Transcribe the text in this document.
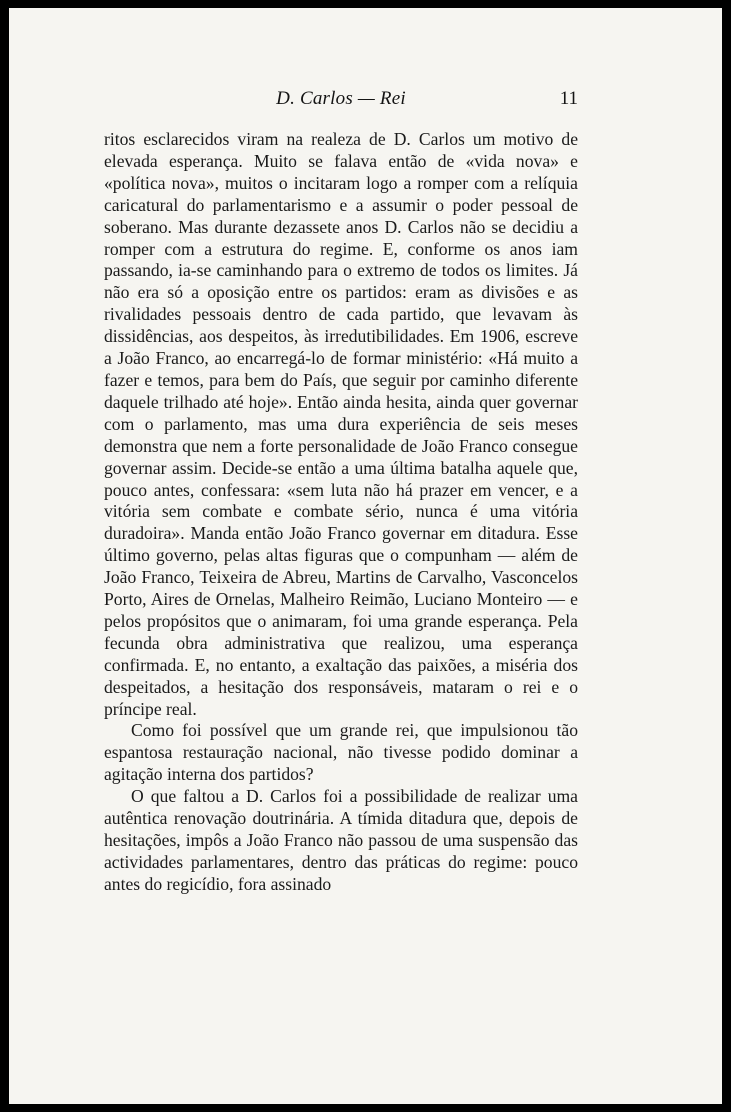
D. Carlos — Rei	11

ritos esclarecidos viram na realeza de D. Carlos um motivo de elevada esperança. Muito se falava então de «vida nova» e «política nova», muitos o incitaram logo a romper com a relíquia caricatural do parlamentarismo e a assumir o poder pessoal de soberano. Mas durante dezassete anos D. Carlos não se decidiu a romper com a estrutura do regime. E, conforme os anos iam passando, ia-se caminhando para o extremo de todos os limites. Já não era só a oposição entre os partidos: eram as divisões e as rivalidades pessoais dentro de cada partido, que levavam às dissidências, aos despeitos, às irredutibilidades. Em 1906, escreve a João Franco, ao encarregá-lo de formar ministério: «Há muito a fazer e temos, para bem do País, que seguir por caminho diferente daquele trilhado até hoje». Então ainda hesita, ainda quer governar com o parlamento, mas uma dura experiência de seis meses demonstra que nem a forte personalidade de João Franco consegue governar assim. Decide-se então a uma última batalha aquele que, pouco antes, confessara: «sem luta não há prazer em vencer, e a vitória sem combate e combate sério, nunca é uma vitória duradoira». Manda então João Franco governar em ditadura. Esse último governo, pelas altas figuras que o compunham — além de João Franco, Teixeira de Abreu, Martins de Carvalho, Vasconcelos Porto, Aires de Ornelas, Malheiro Reimão, Luciano Monteiro — e pelos propósitos que o animaram, foi uma grande esperança. Pela fecunda obra administrativa que realizou, uma esperança confirmada. E, no entanto, a exaltação das paixões, a miséria dos despeitados, a hesitação dos responsáveis, mataram o rei e o príncipe real.

Como foi possível que um grande rei, que impulsionou tão espantosa restauração nacional, não tivesse podido dominar a agitação interna dos partidos?

O que faltou a D. Carlos foi a possibilidade de realizar uma autêntica renovação doutrinária. A tímida ditadura que, depois de hesitações, impôs a João Franco não passou de uma suspensão das actividades parlamentares, dentro das práticas do regime: pouco antes do regicídio, fora assinado
